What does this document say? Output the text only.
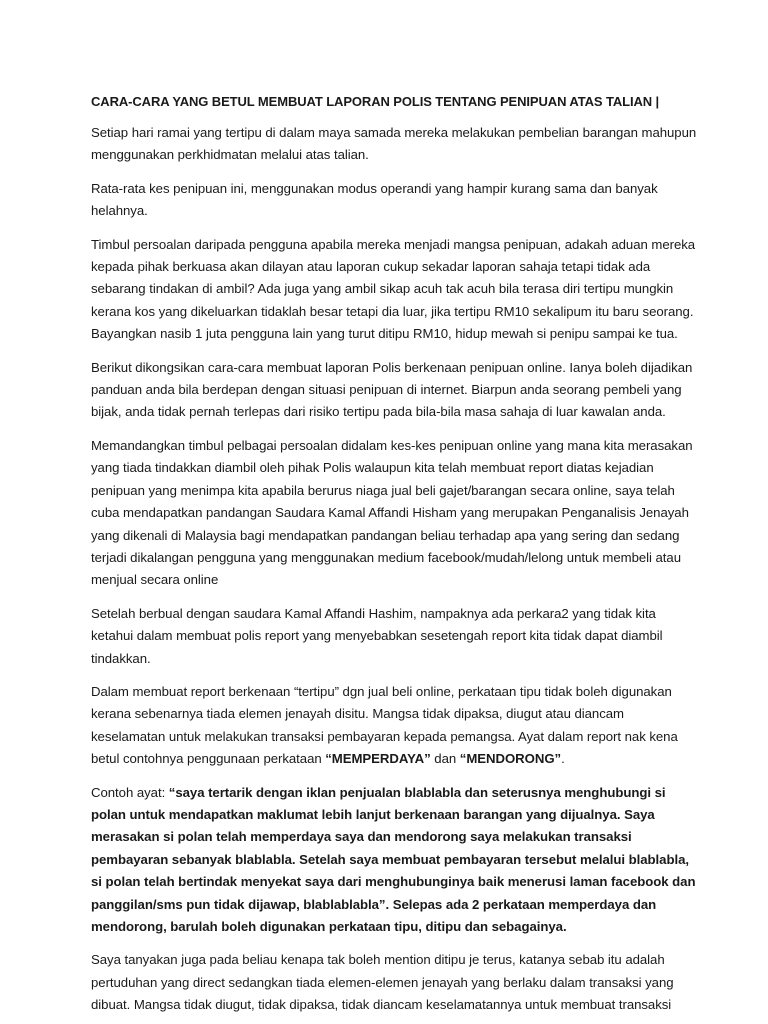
CARA-CARA YANG BETUL MEMBUAT LAPORAN POLIS TENTANG PENIPUAN ATAS TALIAN |

Setiap hari ramai yang tertipu di dalam maya samada mereka melakukan pembelian barangan mahupun menggunakan perkhidmatan melalui atas talian.

Rata-rata kes penipuan ini, menggunakan modus operandi yang hampir kurang sama dan banyak helahnya.

Timbul persoalan daripada pengguna apabila mereka menjadi mangsa penipuan, adakah aduan mereka kepada pihak berkuasa akan dilayan atau laporan cukup sekadar laporan sahaja tetapi tidak ada sebarang tindakan di ambil? Ada juga yang ambil sikap acuh tak acuh bila terasa diri tertipu mungkin kerana kos yang dikeluarkan tidaklah besar tetapi dia luar, jika tertipu RM10 sekalipum itu baru seorang. Bayangkan nasib 1 juta pengguna lain yang turut ditipu RM10, hidup mewah si penipu sampai ke tua.

Berikut dikongsikan cara-cara membuat laporan Polis berkenaan penipuan online. Ianya boleh dijadikan panduan anda bila berdepan dengan situasi penipuan di internet. Biarpun anda seorang pembeli yang bijak, anda tidak pernah terlepas dari risiko tertipu pada bila-bila masa sahaja di luar kawalan anda.

Memandangkan timbul pelbagai persoalan didalam kes-kes penipuan online yang mana kita merasakan yang tiada tindakkan diambil oleh pihak Polis walaupun kita telah membuat report diatas kejadian penipuan yang menimpa kita apabila berurus niaga jual beli gajet/barangan secara online, saya telah cuba mendapatkan pandangan Saudara Kamal Affandi Hisham yang merupakan Penganalisis Jenayah yang dikenali di Malaysia bagi mendapatkan pandangan beliau terhadap apa yang sering dan sedang terjadi dikalangan pengguna yang menggunakan medium facebook/mudah/lelong untuk membeli atau menjual secara online

Setelah berbual dengan saudara Kamal Affandi Hashim, nampaknya ada perkara2 yang tidak kita ketahui dalam membuat polis report yang menyebabkan sesetengah report kita tidak dapat diambil tindakkan.

Dalam membuat report berkenaan “tertipu” dgn jual beli online, perkataan tipu tidak boleh digunakan kerana sebenarnya tiada elemen jenayah disitu. Mangsa tidak dipaksa, diugut atau diancam keselamatan untuk melakukan transaksi pembayaran kepada pemangsa. Ayat dalam report nak kena betul contohnya penggunaan perkataan “MEMPERDAYA” dan “MENDORONG”.

Contoh ayat: “saya tertarik dengan iklan penjualan blablabla dan seterusnya menghubungi si polan untuk mendapatkan maklumat lebih lanjut berkenaan barangan yang dijualnya. Saya merasakan si polan telah memperdaya saya dan mendorong saya melakukan transaksi pembayaran sebanyak blablabla. Setelah saya membuat pembayaran tersebut melalui blablabla, si polan telah bertindak menyekat saya dari menghubunginya baik menerusi laman facebook dan panggilan/sms pun tidak dijawap, blablablabla”. Selepas ada 2 perkataan memperdaya dan mendorong, barulah boleh digunakan perkataan tipu, ditipu dan sebagainya.

Saya tanyakan juga pada beliau kenapa tak boleh mention ditipu je terus, katanya sebab itu adalah pertuduhan yang direct sedangkan tiada elemen-elemen jenayah yang berlaku dalam transaksi yang dibuat. Mangsa tidak diugut, tidak dipaksa, tidak diancam keselamatannya untuk membuat transaksi
